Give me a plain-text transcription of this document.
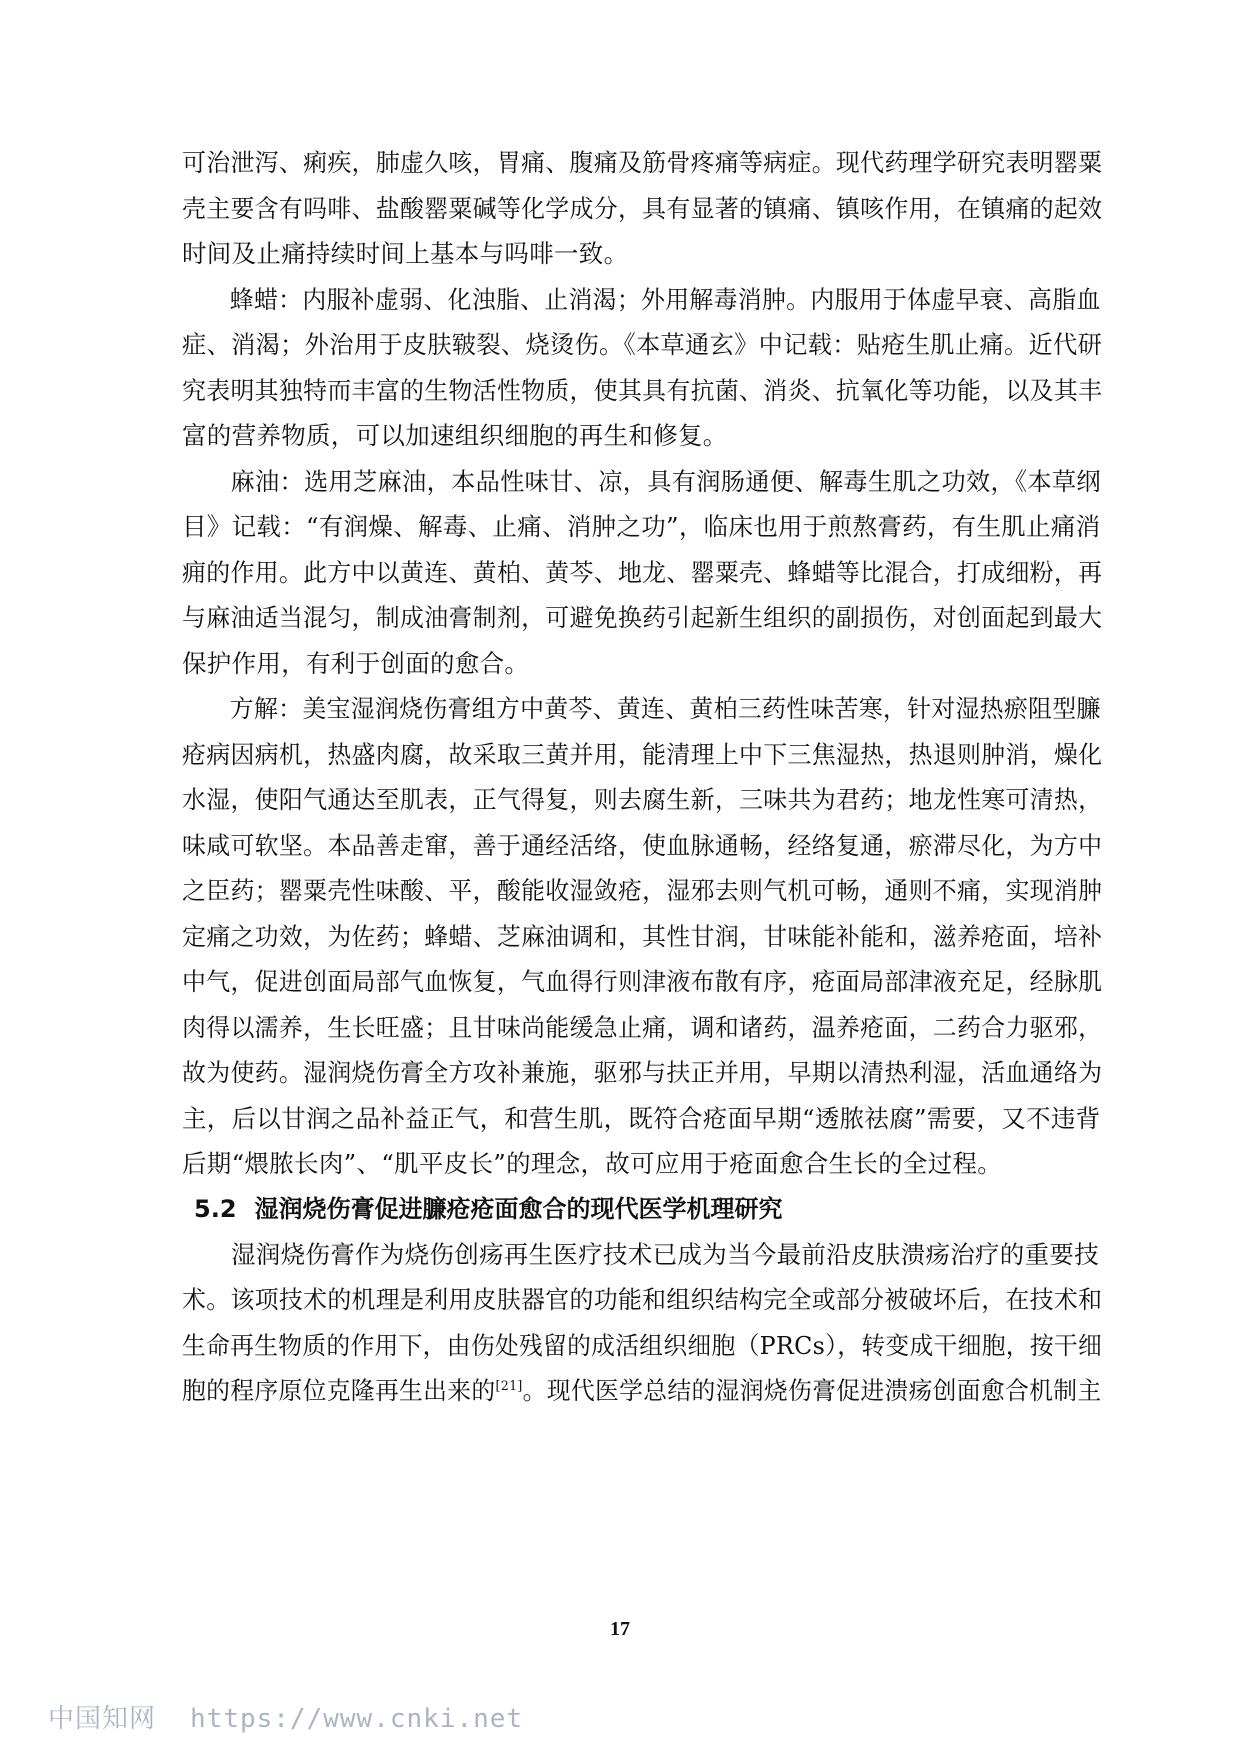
可治泄泻、痢疾，肺虚久咳，胃痛、腹痛及筋骨疼痛等病症。现代药理学研究表明罂粟
壳主要含有吗啡、盐酸罂粟碱等化学成分，具有显著的镇痛、镇咳作用，在镇痛的起效
时间及止痛持续时间上基本与吗啡一致。

蜂蜡：内服补虚弱、化浊脂、止消渴；外用解毒消肿。内服用于体虚早衰、高脂血
症、消渴；外治用于皮肤皲裂、烧烫伤。《本草通玄》中记载：贴疮生肌止痛。近代研
究表明其独特而丰富的生物活性物质，使其具有抗菌、消炎、抗氧化等功能，以及其丰
富的营养物质，可以加速组织细胞的再生和修复。

麻油：选用芝麻油，本品性味甘、凉，具有润肠通便、解毒生肌之功效，《本草纲
目》记载：“有润燥、解毒、止痛、消肿之功”，临床也用于煎熬膏药，有生肌止痛消
痈的作用。此方中以黄连、黄柏、黄芩、地龙、罂粟壳、蜂蜡等比混合，打成细粉，再
与麻油适当混匀，制成油膏制剂，可避免换药引起新生组织的副损伤，对创面起到最大
保护作用，有利于创面的愈合。

方解：美宝湿润烧伤膏组方中黄芩、黄连、黄柏三药性味苦寒，针对湿热瘀阻型臁
疮病因病机，热盛肉腐，故采取三黄并用，能清理上中下三焦湿热，热退则肿消，燥化
水湿，使阳气通达至肌表，正气得复，则去腐生新，三味共为君药；地龙性寒可清热，
味咸可软坚。本品善走窜，善于通经活络，使血脉通畅，经络复通，瘀滞尽化，为方中
之臣药；罂粟壳性味酸、平，酸能收湿敛疮，湿邪去则气机可畅，通则不痛，实现消肿
定痛之功效，为佐药；蜂蜡、芝麻油调和，其性甘润，甘味能补能和，滋养疮面，培补
中气，促进创面局部气血恢复，气血得行则津液布散有序，疮面局部津液充足，经脉肌
肉得以濡养，生长旺盛；且甘味尚能缓急止痛，调和诸药，温养疮面，二药合力驱邪，
故为使药。湿润烧伤膏全方攻补兼施，驱邪与扶正并用，早期以清热利湿，活血通络为
主，后以甘润之品补益正气，和营生肌，既符合疮面早期“透脓祛腐”需要，又不违背
后期“煨脓长肉”、“肌平皮长”的理念，故可应用于疮面愈合生长的全过程。

5.2 湿润烧伤膏促进臁疮疮面愈合的现代医学机理研究

湿润烧伤膏作为烧伤创疡再生医疗技术已成为当今最前沿皮肤溃疡治疗的重要技
术。该项技术的机理是利用皮肤器官的功能和组织结构完全或部分被破坏后，在技术和
生命再生物质的作用下，由伤处残留的成活组织细胞（PRCs），转变成干细胞，按干细
胞的程序原位克隆再生出来的[21]。现代医学总结的湿润烧伤膏促进溃疡创面愈合机制主

17
中国知网 https://www.cnki.net
